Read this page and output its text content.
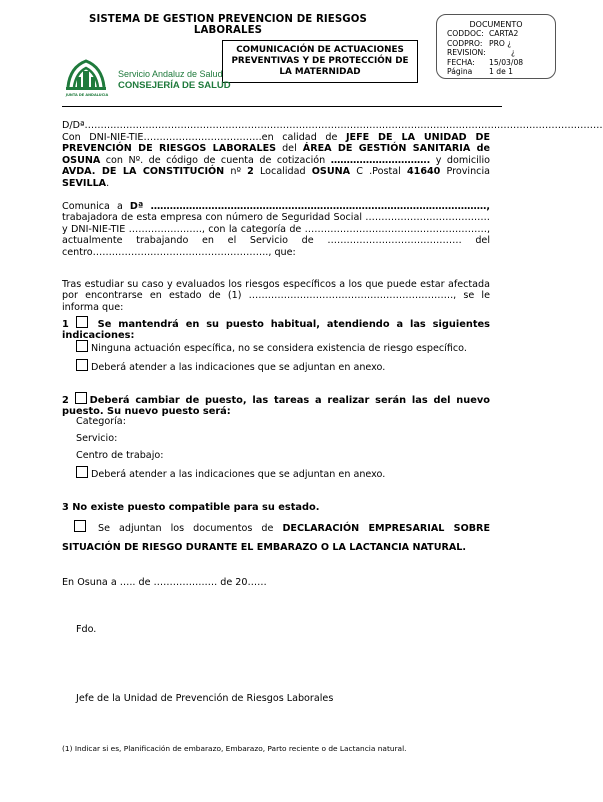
SISTEMA DE GESTION PREVENCION DE RIESGOS LABORALES
DOCUMENTO
CODDOC: CARTA2
CODPRO: PRO ¿
REVISION:	¿
FECHA:	15/03/08
Página	1 de 1
COMUNICACIÓN DE ACTUACIONES
PREVENTIVAS Y DE PROTECCIÓN DE
LA MATERNIDAD
JUNTA DE ANDALUCIA
Servicio Andaluz de Salud
CONSEJERÍA DE SALUD
D/Dª………………………………………………………………………………………………………………………………………………
Con DNI-NIE-TIE……………………………….en calidad de JEFE DE LA UNIDAD DE PREVENCIÓN DE RIESGOS LABORALES del ÁREA DE GESTIÓN SANITARIA de OSUNA con Nº. de código de cuenta de cotización …………………………. y domicilio AVDA. DE LA CONSTITUCIÓN nº 2 Localidad OSUNA C .Postal 41640 Provincia SEVILLA.
Comunica a Dª ……………………………………………………………………………………………, trabajadora de esta empresa con número de Seguridad Social ………………………………… y DNI-NIE-TIE ………………….., con la categoría de …………………………………………………, actualmente trabajando en el Servicio de …………………………………… del centro………………………………………………., que:
Tras estudiar su caso y evaluados los riesgos específicos a los que puede estar afectada por encontrarse en estado de (1) ………………………………………………………., se le informa que:
1	Se mantendrá en su puesto habitual, atendiendo a las siguientes indicaciones:
Ninguna actuación específica, no se considera existencia de riesgo específico.
Deberá atender a las indicaciones que se adjuntan en anexo.
2 Deberá cambiar de puesto, las tareas a realizar serán las del nuevo puesto. Su nuevo puesto será:
Categoría:
Servicio:
Centro de trabajo:
Deberá atender a las indicaciones que se adjuntan en anexo.
3 No existe puesto compatible para su estado.
Se adjuntan los documentos de DECLARACIÓN EMPRESARIAL SOBRE SITUACIÓN DE RIESGO DURANTE EL EMBARAZO O LA LACTANCIA NATURAL.
En Osuna a ….. de …………….…. de 20……
Fdo.
Jefe de la Unidad de Prevención de Riesgos Laborales
(1) Indicar si es, Planificación de embarazo, Embarazo, Parto reciente o de Lactancia natural.
